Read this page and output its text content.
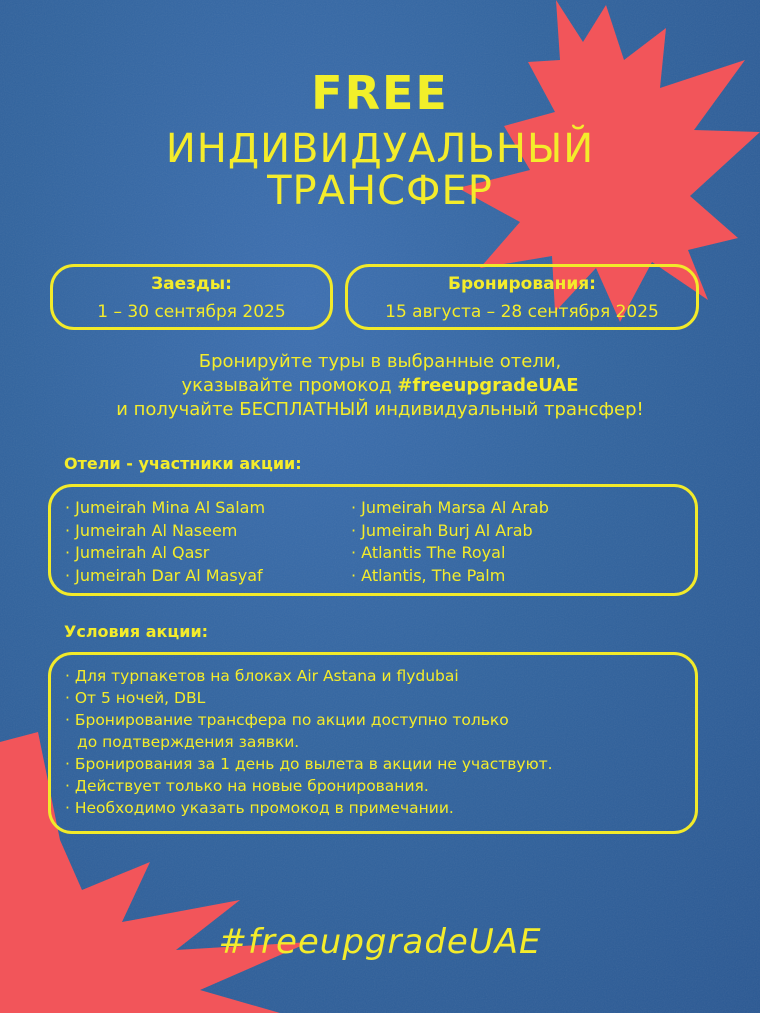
FREE
ИНДИВИДУАЛЬНЫЙ
ТРАНСФЕР
Заезды:
1 – 30 сентября 2025
Бронирования:
15 августа – 28 сентября 2025
Бронируйте туры в выбранные отели,
указывайте промокод #freeupgradeUAE
и получайте БЕСПЛАТНЫЙ индивидуальный трансфер!
Отели - участники акции:
· Jumeirah Mina Al Salam
· Jumeirah Al Naseem
· Jumeirah Al Qasr
· Jumeirah Dar Al Masyaf
· Jumeirah Marsa Al Arab
· Jumeirah Burj Al Arab
· Atlantis The Royal
· Atlantis, The Palm
Условия акции:
· Для турпакетов на блоках Air Astana и flydubai
· От 5 ночей, DBL
· Бронирование трансфера по акции доступно только
до подтверждения заявки.
· Бронирования за 1 день до вылета в акции не участвуют.
· Действует только на новые бронирования.
· Необходимо указать промокод в примечании.
#freeupgradeUAE
